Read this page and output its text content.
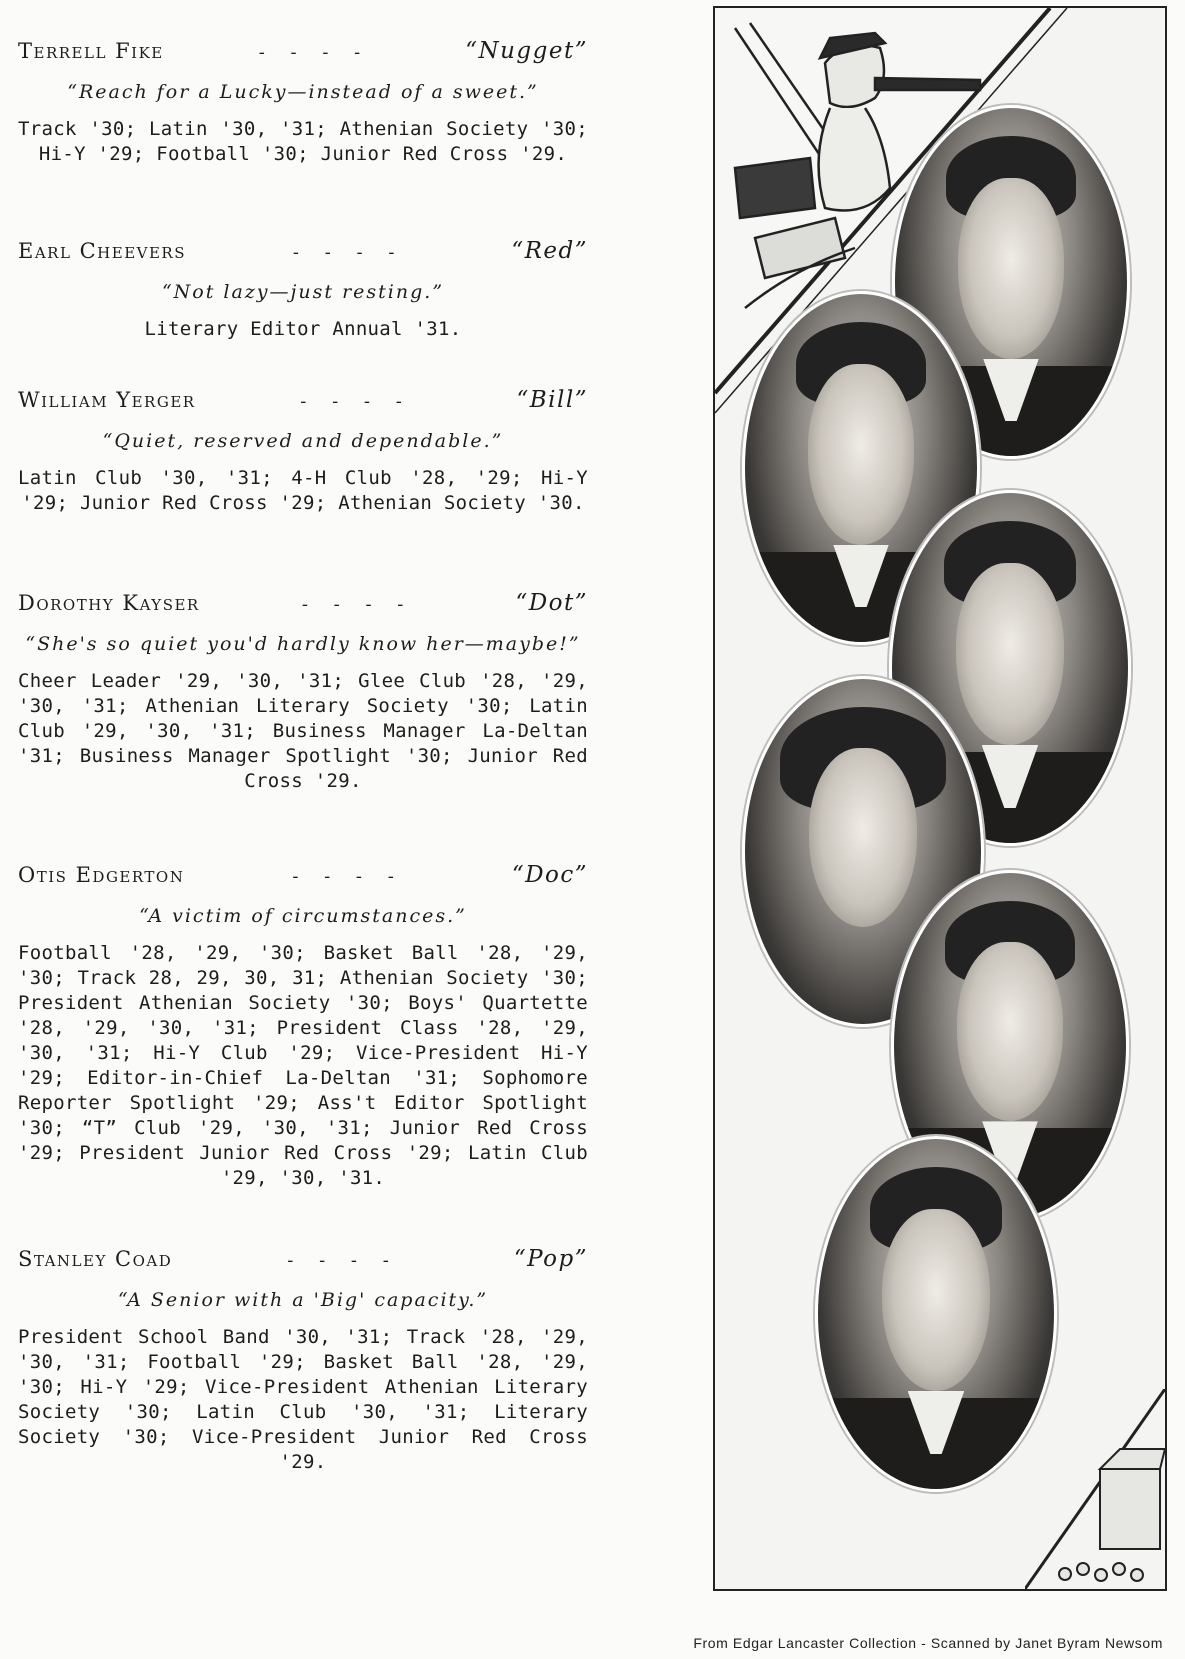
Terrell Fike	- - - -	“Nugget”
“Reach for a Lucky—instead of a sweet.”
Track '30; Latin '30, '31; Athenian Society '30; Hi-Y '29; Football '30; Junior Red Cross '29.
Earl Cheevers	- - - -	“Red”
“Not lazy—just resting.”
Literary Editor Annual '31.
William Yerger	- - - -	“Bill”
“Quiet, reserved and dependable.”
Latin Club '30, '31; 4-H Club '28, '29; Hi-Y '29; Junior Red Cross '29; Athenian Society '30.
Dorothy Kayser	- - - -	“Dot”
“She's so quiet you'd hardly know her—maybe!”
Cheer Leader '29, '30, '31; Glee Club '28, '29, '30, '31; Athenian Literary Society '30; Latin Club '29, '30, '31; Business Manager La-Deltan '31; Business Manager Spotlight '30; Junior Red Cross '29.
Otis Edgerton	- - - -	“Doc”
“A victim of circumstances.”
Football '28, '29, '30; Basket Ball '28, '29, '30; Track 28, 29, 30, 31; Athenian Society '30; President Athenian Society '30; Boys' Quartette '28, '29, '30, '31; President Class '28, '29, '30, '31; Hi-Y Club '29; Vice-President Hi-Y '29; Editor-in-Chief La-Deltan '31; Sophomore Reporter Spotlight '29; Ass't Editor Spotlight '30; “T” Club '29, '30, '31; Junior Red Cross '29; President Junior Red Cross '29; Latin Club '29, '30, '31.
Stanley Coad	- - - -	“Pop”
“A Senior with a 'Big' capacity.”
President School Band '30, '31; Track '28, '29, '30, '31; Football '29; Basket Ball '28, '29, '30; Hi-Y '29; Vice-President Athenian Literary Society '30; Latin Club '30, '31; Literary Society '30; Vice-President Junior Red Cross '29.
From Edgar Lancaster Collection - Scanned by Janet Byram Newsom
